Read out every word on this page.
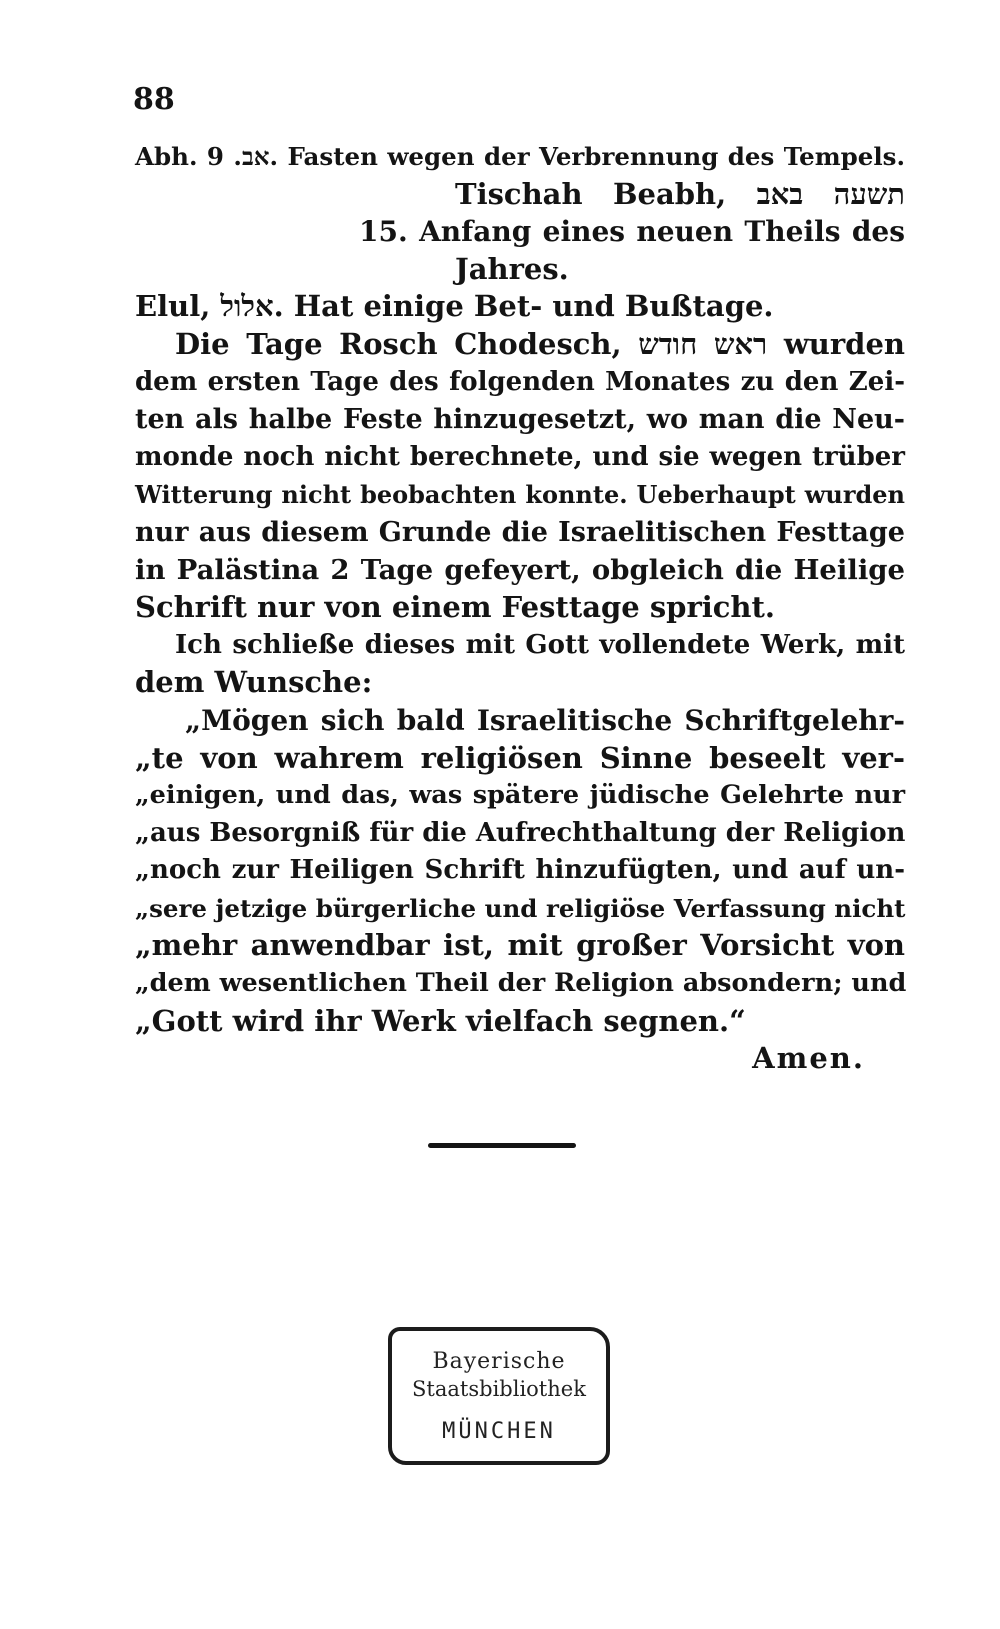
88
Abh. אב. 9. Fasten wegen der Verbrennung des Tempels.
Tischah Beabh, תשעה באב
15. Anfang eines neuen Theils des
Jahres.
Elul, אלול. Hat einige Bet- und Bußtage.
Die Tage Rosch Chodesch, ראש חודש wurden
dem ersten Tage des folgenden Monates zu den Zei-
ten als halbe Feste hinzugesetzt, wo man die Neu-
monde noch nicht berechnete, und sie wegen trüber
Witterung nicht beobachten konnte. Ueberhaupt wurden
nur aus diesem Grunde die Israelitischen Festtage
in Palästina 2 Tage gefeyert, obgleich die Heilige
Schrift nur von einem Festtage spricht.
Ich schließe dieses mit Gott vollendete Werk, mit
dem Wunsche:
„Mögen sich bald Israelitische Schriftgelehr-
„te von wahrem religiösen Sinne beseelt ver-
„einigen, und das, was spätere jüdische Gelehrte nur
„aus Besorgniß für die Aufrechthaltung der Religion
„noch zur Heiligen Schrift hinzufügten, und auf un-
„sere jetzige bürgerliche und religiöse Verfassung nicht
„mehr anwendbar ist, mit großer Vorsicht von
„dem wesentlichen Theil der Religion absondern; und
„Gott wird ihr Werk vielfach segnen.“
Amen.
Bayerische
Staatsbibliothek
MÜNCHEN
